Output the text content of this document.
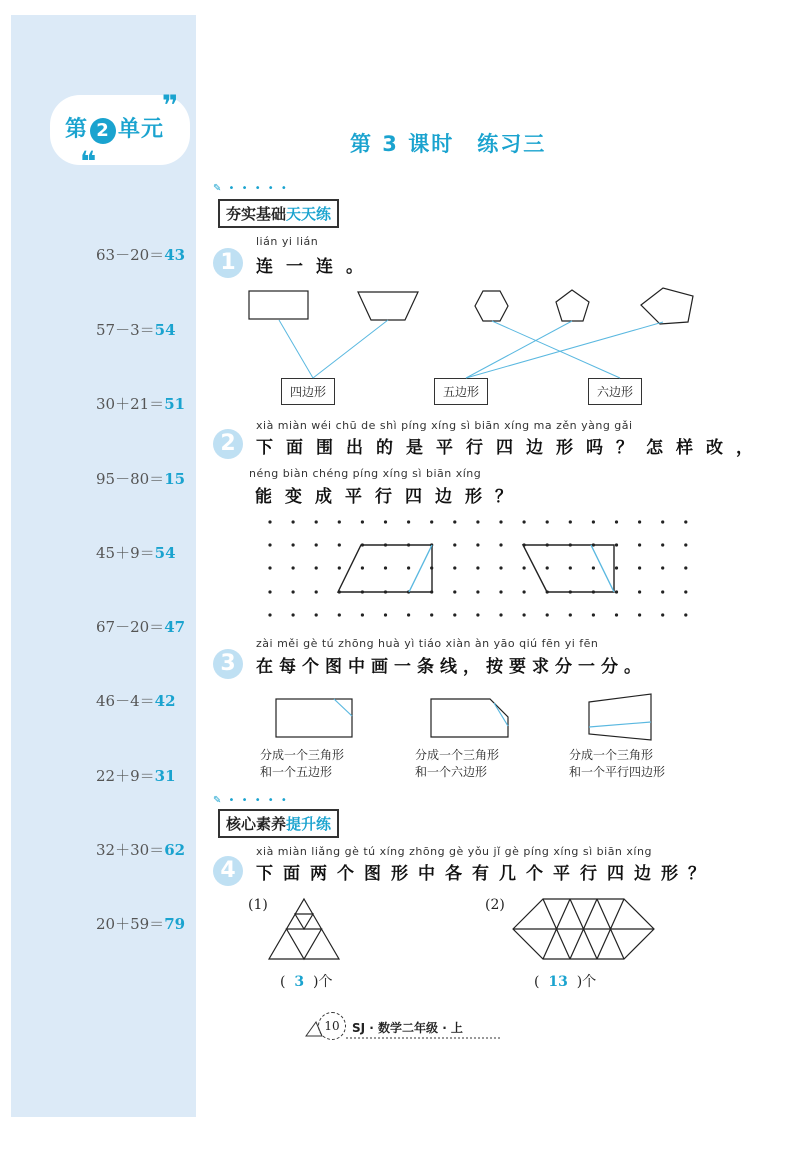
❞
❝
第 2 单元
63－20＝43
57－3＝54
30＋21＝51
95－80＝15
45＋9＝54
67－20＝47
46－4＝42
22＋9＝31
32＋30＝62
20＋59＝79
第 3 课时　练习三
✎ • • • • •
夯实基础天天练
lián yi lián
1	连一连。
四边形	五边形	六边形
xià miàn wéi chū de shì píng xíng sì biān xíng ma zěn yàng gǎi
2	下面围出的是平行四边形吗？怎样改，
néng biàn chéng píng xíng sì biān xíng
能变成平行四边形？
zài měi gè tú zhōng huà yì tiáo xiàn àn yāo qiú fēn yi fēn
3	在每个图中画一条线，按要求分一分。
分成一个三角形
和一个五边形
分成一个三角形
和一个六边形
分成一个三角形
和一个平行四边形
✎ • • • • •
核心素养提升练
xià miàn liǎng gè tú xíng zhōng gè yǒu jǐ gè píng xíng sì biān xíng
4	下面两个图形中各有几个平行四边形？
(1)	(2)
( 3 )个	( 13 )个
10	SJ · 数学二年级 · 上
